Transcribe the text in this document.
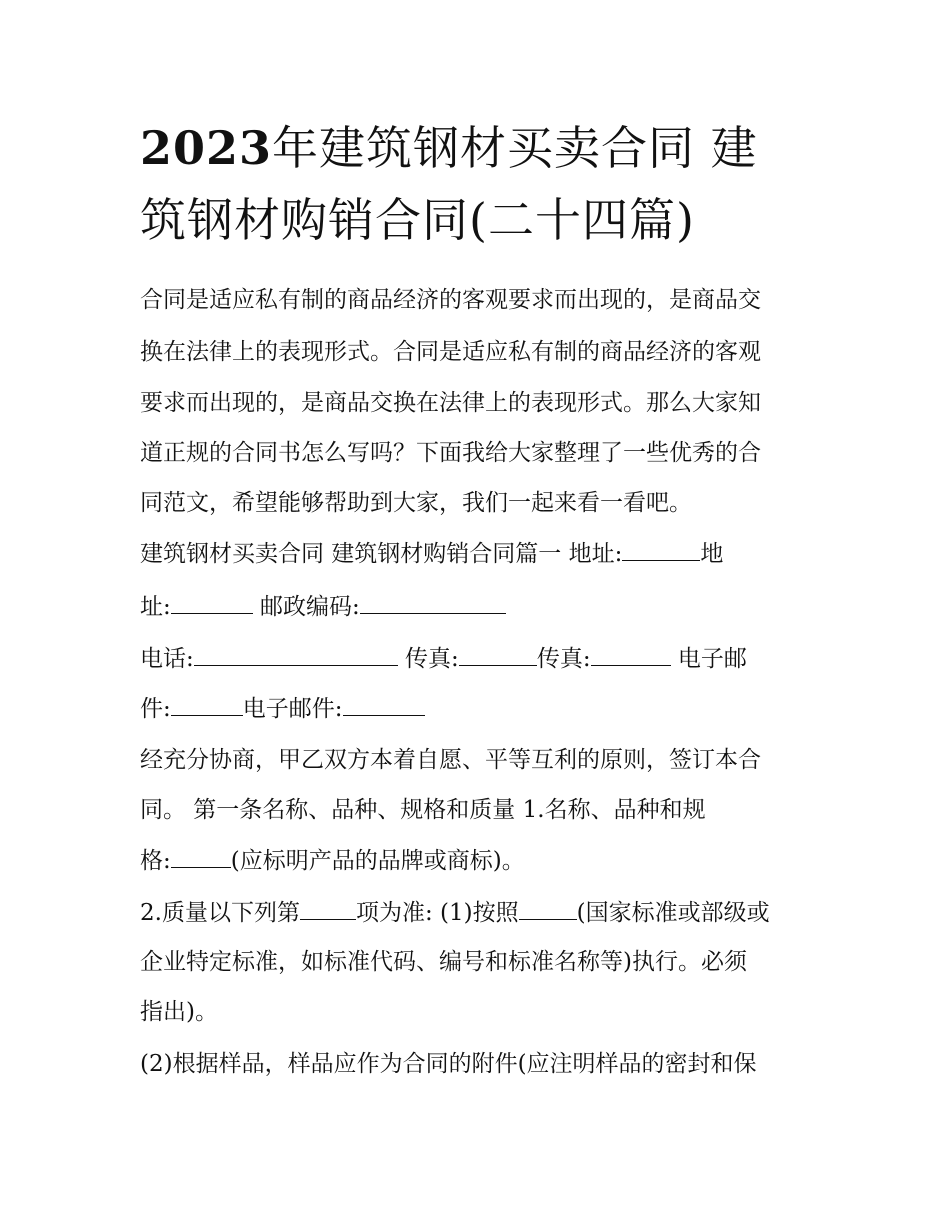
2023年建筑钢材买卖合同 建
筑钢材购销合同(二十四篇)

合同是适应私有制的商品经济的客观要求而出现的，是商品交

换在法律上的表现形式。合同是适应私有制的商品经济的客观

要求而出现的，是商品交换在法律上的表现形式。那么大家知

道正规的合同书怎么写吗？下面我给大家整理了一些优秀的合

同范文，希望能够帮助到大家，我们一起来看一看吧。

建筑钢材买卖合同 建筑钢材购销合同篇一 地址:	地

址:	邮政编码:

电话:	传真:	传真:	电子邮

件:	电子邮件:

经充分协商，甲乙双方本着自愿、平等互利的原则，签订本合

同。 第一条名称、品种、规格和质量 1.名称、品种和规

格:	(应标明产品的品牌或商标)。

2.质量以下列第 项为准: (1)按照	(国家标准或部级或

企业特定标准，如标准代码、编号和标准名称等)执行。必须

指出)。

(2)根据样品，样品应作为合同的附件(应注明样品的密封和保
